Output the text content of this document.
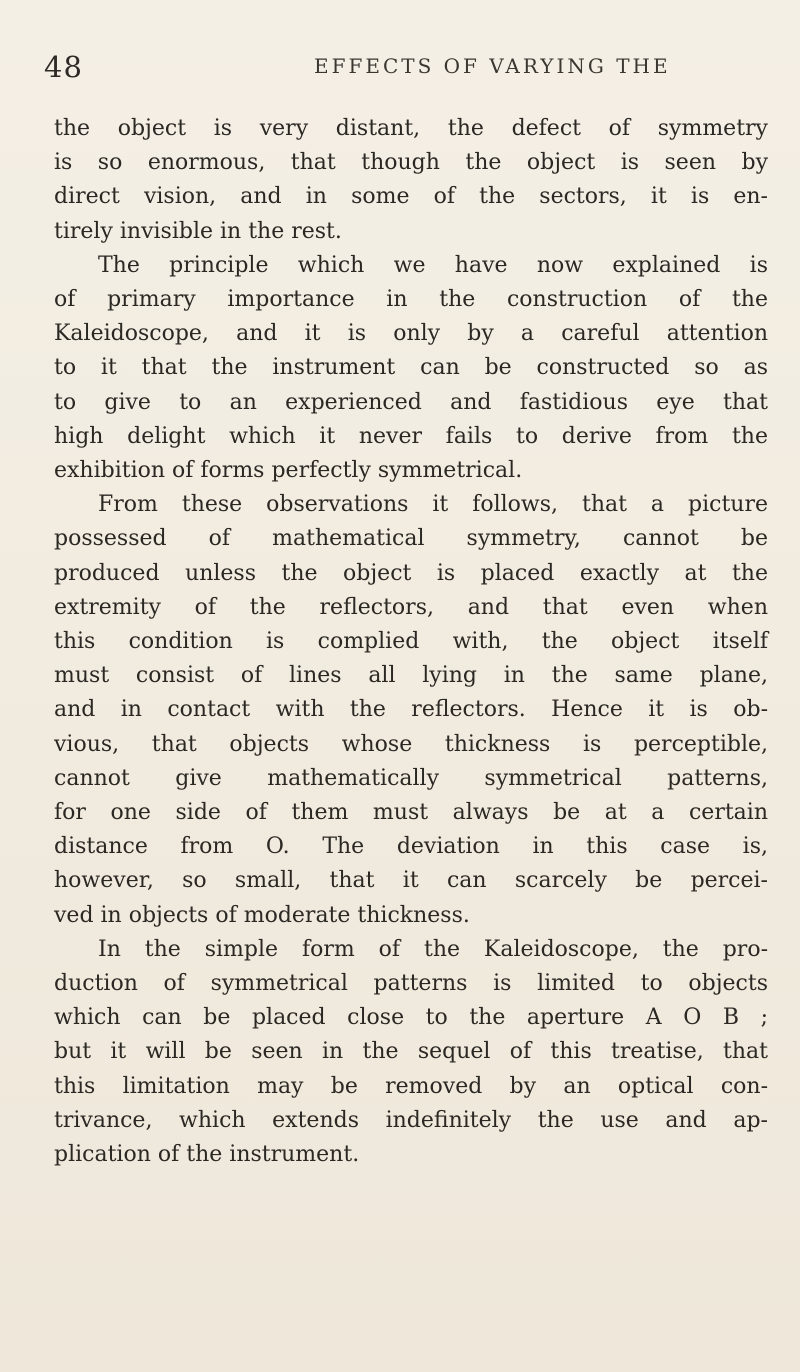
48	EFFECTS OF VARYING THE

the object is very distant, the defect of symmetry
is so enormous, that though the object is seen by
direct vision, and in some of the sectors, it is en-
tirely invisible in the rest.

The principle which we have now explained is
of primary importance in the construction of the
Kaleidoscope, and it is only by a careful attention
to it that the instrument can be constructed so as
to give to an experienced and fastidious eye that
high delight which it never fails to derive from the
exhibition of forms perfectly symmetrical.

From these observations it follows, that a picture
possessed of mathematical symmetry, cannot be
produced unless the object is placed exactly at the
extremity of the reflectors, and that even when
this condition is complied with, the object itself
must consist of lines all lying in the same plane,
and in contact with the reflectors. Hence it is ob-
vious, that objects whose thickness is perceptible,
cannot give mathematically symmetrical patterns,
for one side of them must always be at a certain
distance from O. The deviation in this case is,
however, so small, that it can scarcely be percei-
ved in objects of moderate thickness.

In the simple form of the Kaleidoscope, the pro-
duction of symmetrical patterns is limited to objects
which can be placed close to the aperture A O B ;
but it will be seen in the sequel of this treatise, that
this limitation may be removed by an optical con-
trivance, which extends indefinitely the use and ap-
plication of the instrument.
